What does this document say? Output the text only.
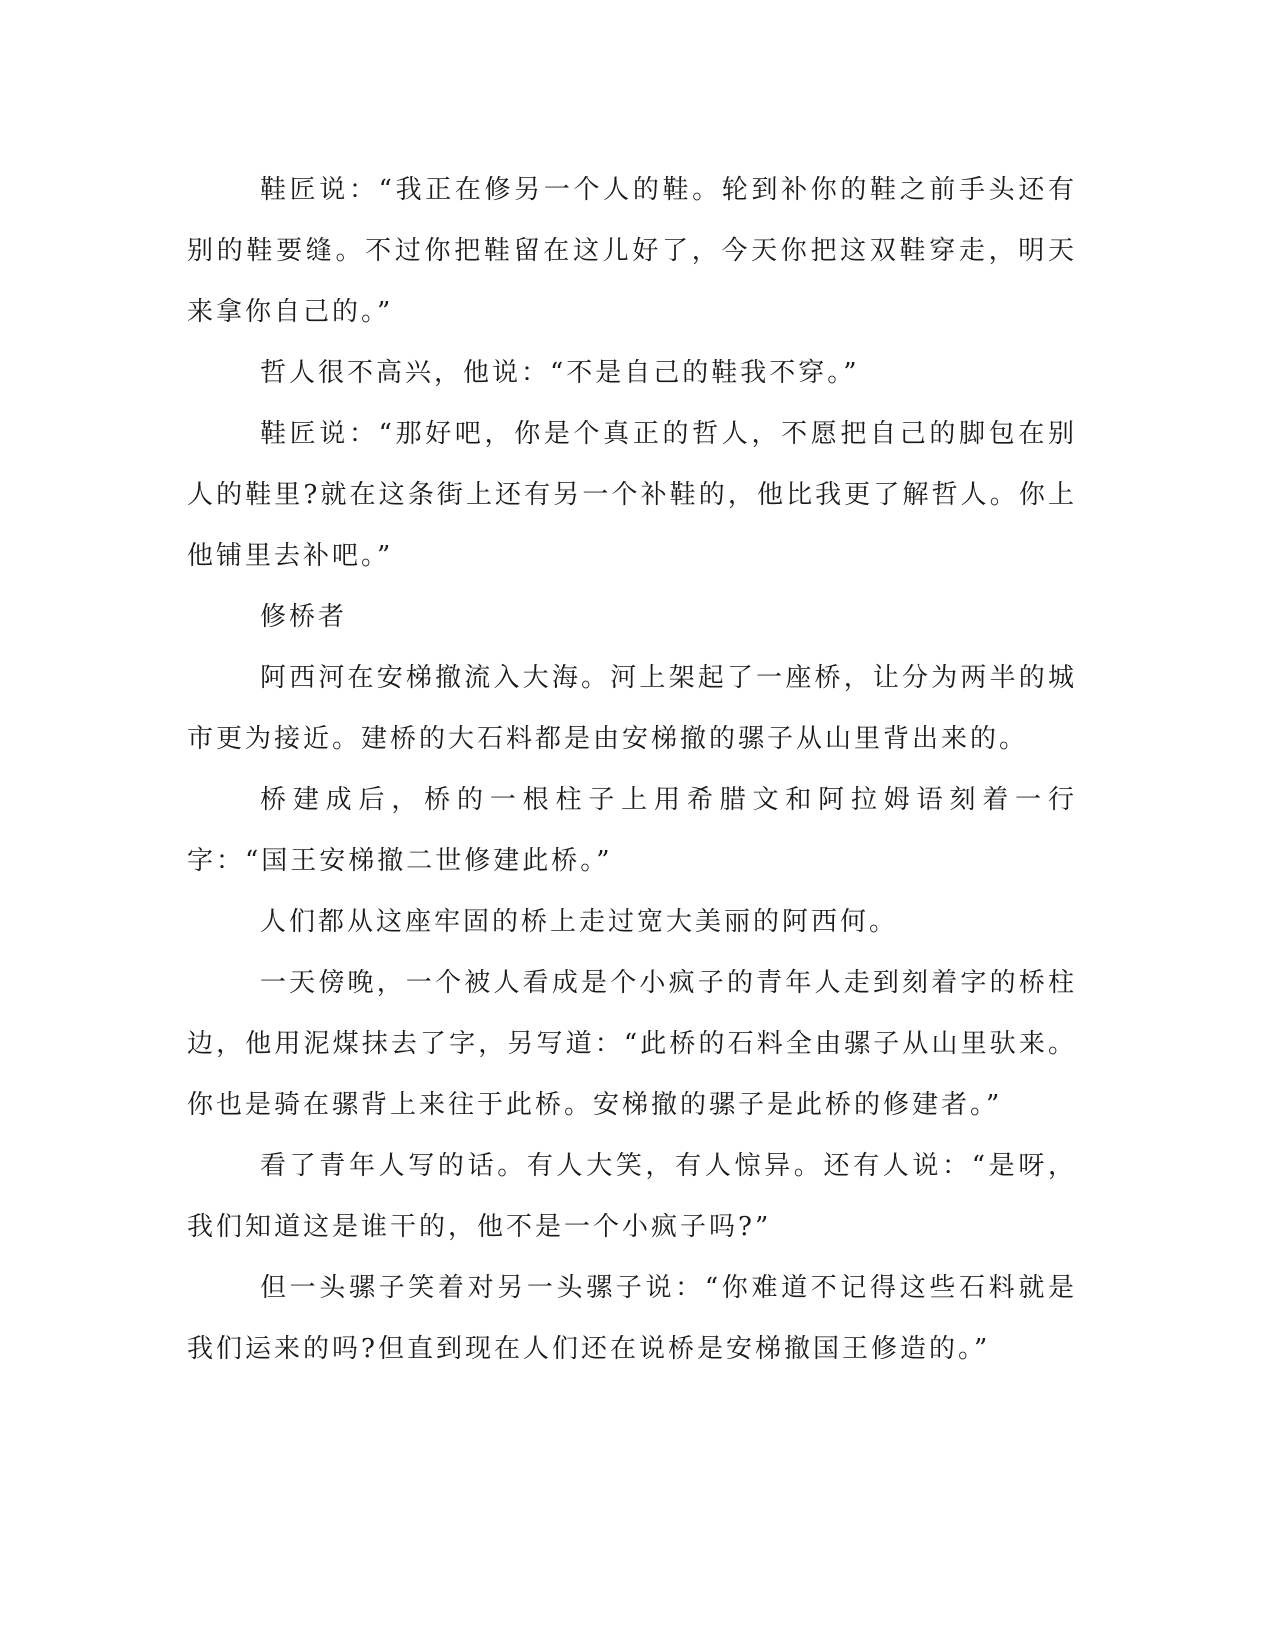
鞋匠说：“我正在修另一个人的鞋。轮到补你的鞋之前手头还有别的鞋要缝。不过你把鞋留在这儿好了，今天你把这双鞋穿走，明天来拿你自己的。”

哲人很不高兴，他说：“不是自己的鞋我不穿。”

鞋匠说：“那好吧，你是个真正的哲人，不愿把自己的脚包在别人的鞋里?就在这条街上还有另一个补鞋的，他比我更了解哲人。你上他铺里去补吧。”

修桥者

阿西河在安梯撤流入大海。河上架起了一座桥，让分为两半的城市更为接近。建桥的大石料都是由安梯撤的骡子从山里背出来的。

桥建成后，桥的一根柱子上用希腊文和阿拉姆语刻着一行字：“国王安梯撤二世修建此桥。”

人们都从这座牢固的桥上走过宽大美丽的阿西何。

一天傍晚，一个被人看成是个小疯子的青年人走到刻着字的桥柱边，他用泥煤抹去了字，另写道：“此桥的石料全由骡子从山里驮来。你也是骑在骡背上来往于此桥。安梯撤的骡子是此桥的修建者。”

看了青年人写的话。有人大笑，有人惊异。还有人说：“是呀，我们知道这是谁干的，他不是一个小疯子吗?”

但一头骡子笑着对另一头骡子说：“你难道不记得这些石料就是我们运来的吗?但直到现在人们还在说桥是安梯撤国王修造的。”
